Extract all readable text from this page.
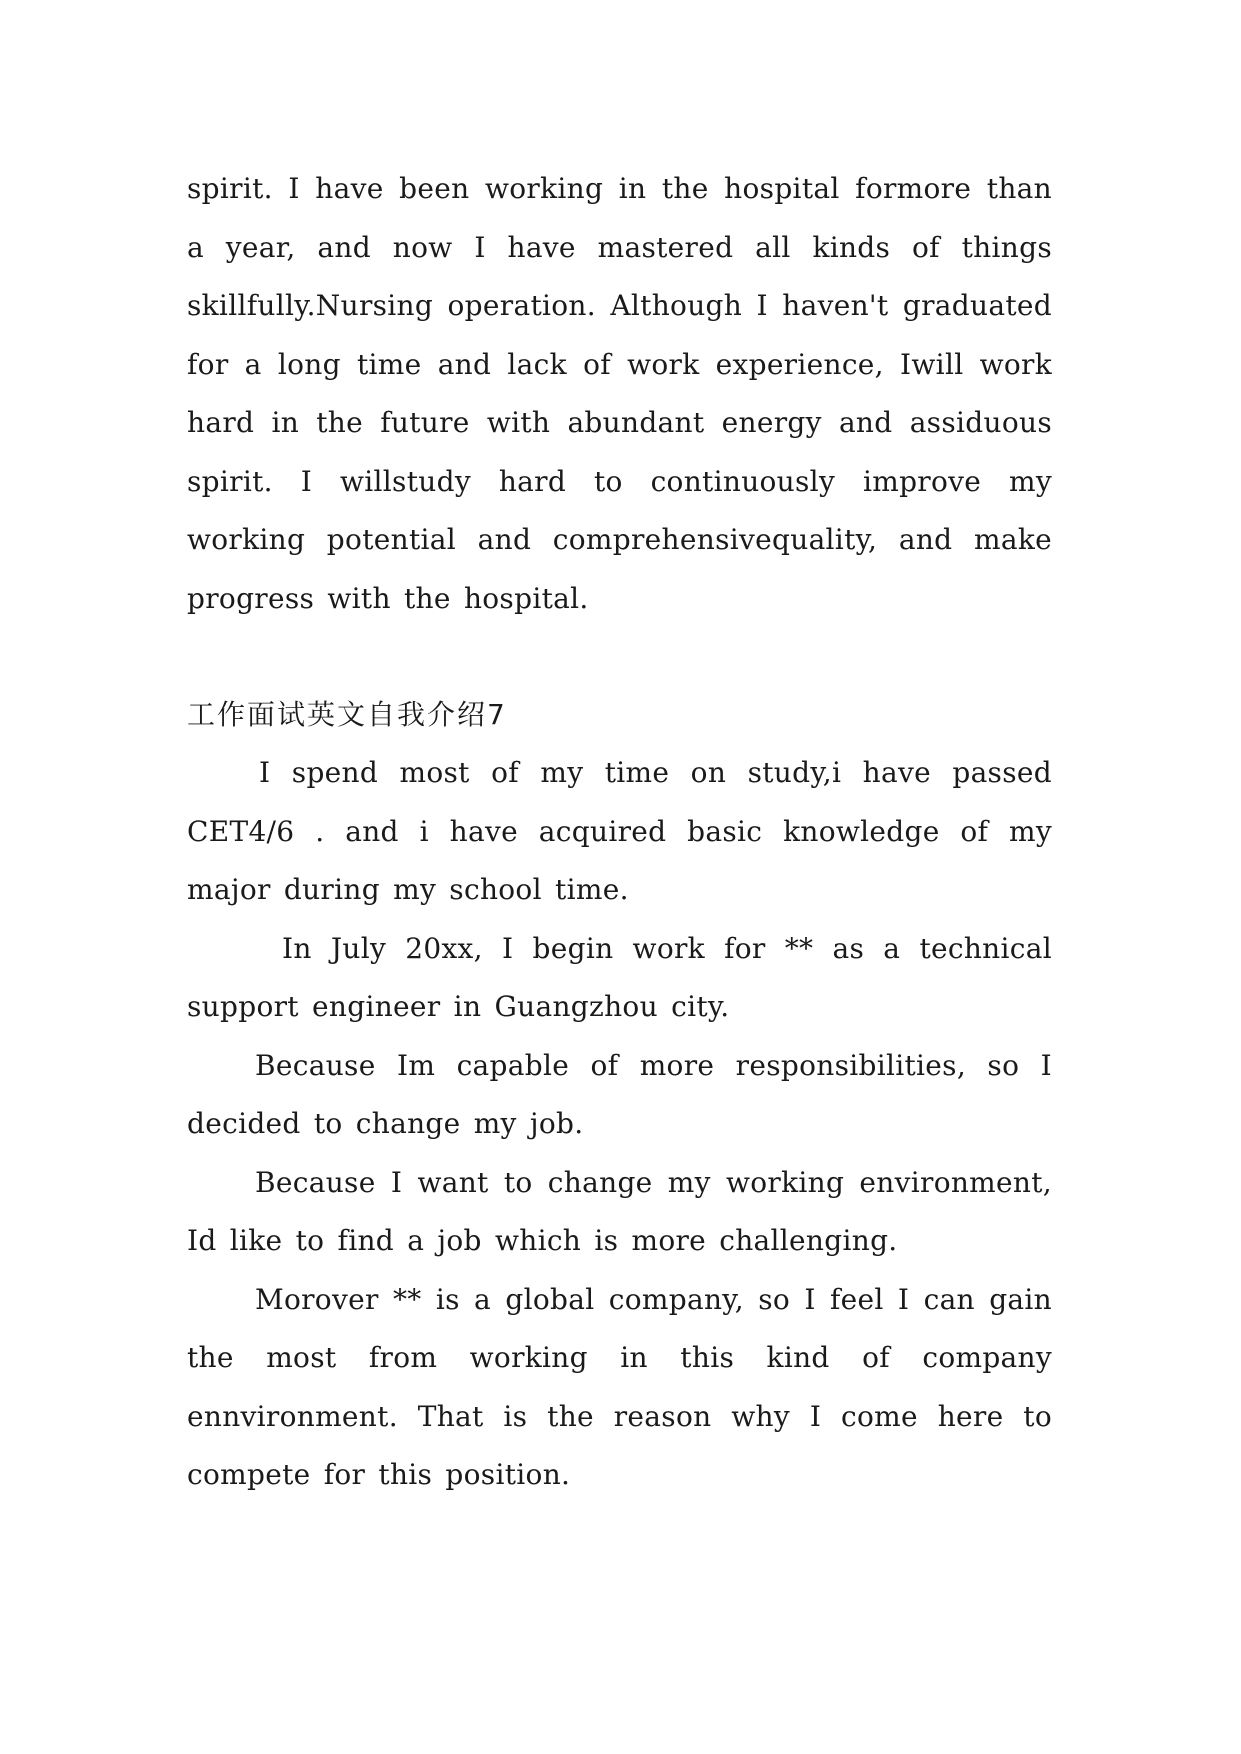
spirit. I have been working in the hospital formore than a year, and now I have mastered all kinds of things skillfully.Nursing operation. Although I haven't graduated for a long time and lack of work experience, Iwill work hard in the future with abundant energy and assiduous spirit. I willstudy hard to continuously improve my working potential and comprehensivequality, and make progress with the hospital.

工作面试英文自我介绍7

I spend most of my time on study,i have passed CET4/6 . and i have acquired basic knowledge of my major during my school time.

In July 20xx, I begin work for ** as a technical support engineer in Guangzhou city.

Because Im capable of more responsibilities, so I decided to change my job.

Because I want to change my working environment, Id like to find a job which is more challenging.

Morover ** is a global company, so I feel I can gain the most from working in this kind of company ennvironment. That is the reason why I come here to compete for this position.
